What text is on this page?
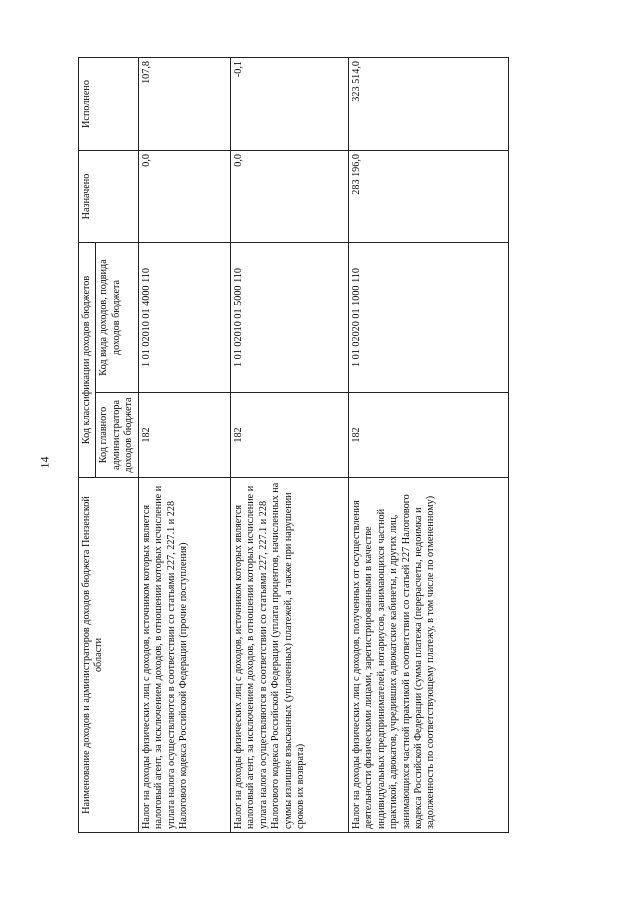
14
Наименование доходов и администраторов доходов бюджета Пензенской области	Код классификации доходов бюджетов		Назначено	Исполнено
	Код главного администратора доходов бюджета	Код вида доходов, подвида доходов бюджета		
Налог на доходы физических лиц с доходов, источником которых является налоговый агент, за исключением доходов, в отношении которых исчисление и уплата налога осуществляются в соответствии со статьями 227, 227.1 и 228 Налогового кодекса Российской Федерации (прочие поступления)	182	1 01 02010 01 4000 110	0,0	107,8
Налог на доходы физических лиц с доходов, источником которых является налоговый агент, за исключением доходов, в отношении которых исчисление и уплата налога осуществляются в соответствии со статьями 227, 227.1 и 228 Налогового кодекса Российской Федерации (уплата процентов, начисленных на суммы излишне взысканных (уплаченных) платежей, а также при нарушении сроков их возврата)	182	1 01 02010 01 5000 110	0,0	-0,1
Налог на доходы физических лиц с доходов, полученных от осуществления деятельности физическими лицами, зарегистрированными в качестве индивидуальных предпринимателей, нотариусов, занимающихся частной практикой, адвокатов, учредивших адвокатские кабинеты, и других лиц, занимающихся частной практикой в соответствии со статьей 227 Налогового кодекса Российской Федерации (сумма платежа (перерасчеты, недоимка и задолженность по соответствующему платежу, в том числе по отмененному)	182	1 01 02020 01 1000 110	283 196,0	323 514,0
